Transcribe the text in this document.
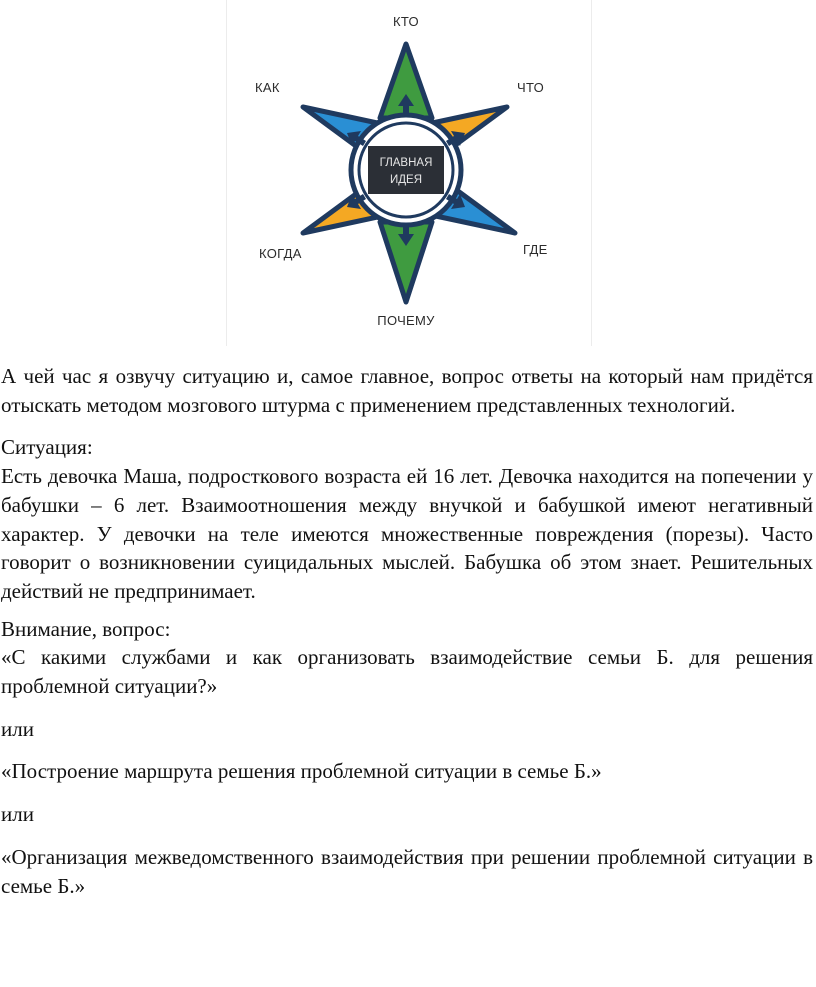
ГЛАВНАЯ
ИДЕЯ
КТО
ЧТО
КАК
КОГДА	ГДЕ
ПОЧЕМУ

А чей час я озвучу ситуацию и, самое главное, вопрос ответы на который нам придётся отыскать методом мозгового штурма с применением представленных технологий.

Ситуация:

Есть девочка Маша, подросткового возраста ей 16 лет. Девочка находится на попечении у бабушки – 6 лет. Взаимоотношения между внучкой и бабушкой имеют негативный характер. У девочки на теле имеются множественные повреждения (порезы). Часто говорит о возникновении суицидальных мыслей. Бабушка об этом знает. Решительных действий не предпринимает.

Внимание, вопрос:

«С какими службами и как организовать взаимодействие семьи Б. для решения проблемной ситуации?»

или

«Построение маршрута решения проблемной ситуации в семье Б.»

или

«Организация межведомственного взаимодействия при решении проблемной ситуации в семье Б.»
